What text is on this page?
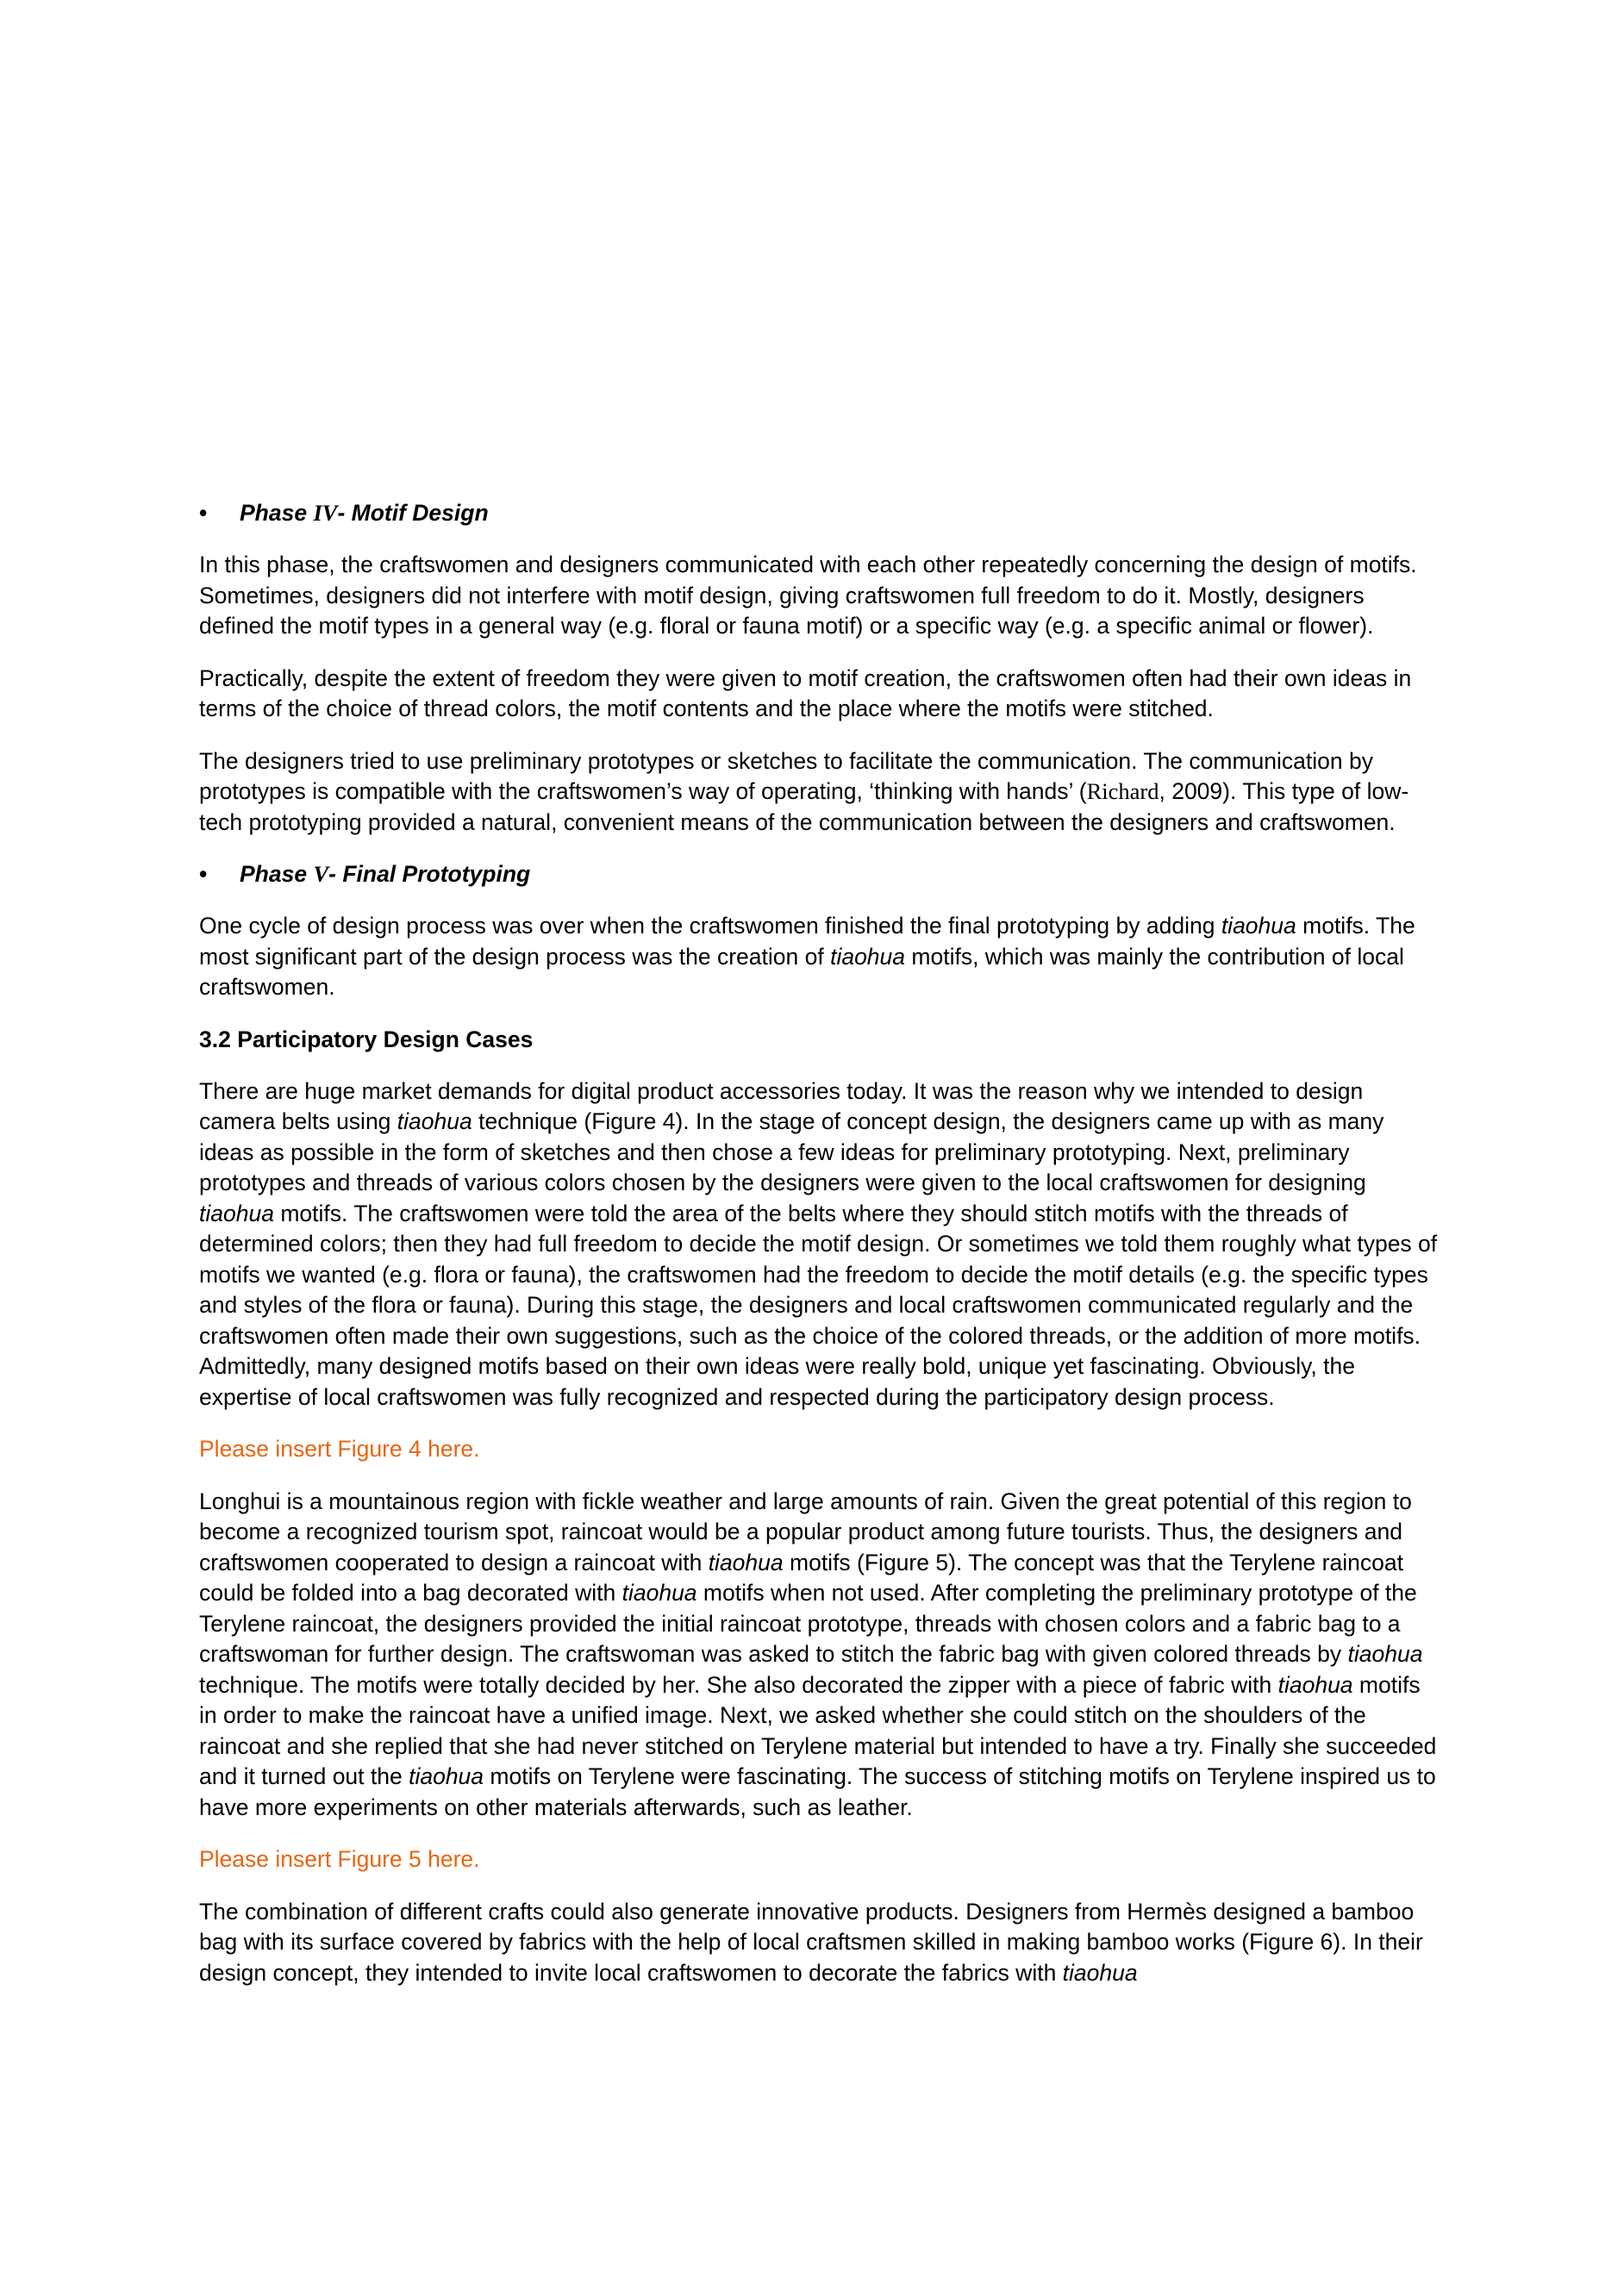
• Phase IV- Motif Design

In this phase, the craftswomen and designers communicated with each other repeatedly concerning the design of motifs. Sometimes, designers did not interfere with motif design, giving craftswomen full freedom to do it. Mostly, designers defined the motif types in a general way (e.g. floral or fauna motif) or a specific way (e.g. a specific animal or flower).

Practically, despite the extent of freedom they were given to motif creation, the craftswomen often had their own ideas in terms of the choice of thread colors, the motif contents and the place where the motifs were stitched.

The designers tried to use preliminary prototypes or sketches to facilitate the communication. The communication by prototypes is compatible with the craftswomen’s way of operating, ‘thinking with hands’ (Richard, 2009). This type of low-tech prototyping provided a natural, convenient means of the communication between the designers and craftswomen.

• Phase V- Final Prototyping

One cycle of design process was over when the craftswomen finished the final prototyping by adding tiaohua motifs. The most significant part of the design process was the creation of tiaohua motifs, which was mainly the contribution of local craftswomen.

3.2 Participatory Design Cases

There are huge market demands for digital product accessories today. It was the reason why we intended to design camera belts using tiaohua technique (Figure 4). In the stage of concept design, the designers came up with as many ideas as possible in the form of sketches and then chose a few ideas for preliminary prototyping. Next, preliminary prototypes and threads of various colors chosen by the designers were given to the local craftswomen for designing tiaohua motifs. The craftswomen were told the area of the belts where they should stitch motifs with the threads of determined colors; then they had full freedom to decide the motif design. Or sometimes we told them roughly what types of motifs we wanted (e.g. flora or fauna), the craftswomen had the freedom to decide the motif details (e.g. the specific types and styles of the flora or fauna). During this stage, the designers and local craftswomen communicated regularly and the craftswomen often made their own suggestions, such as the choice of the colored threads, or the addition of more motifs. Admittedly, many designed motifs based on their own ideas were really bold, unique yet fascinating. Obviously, the expertise of local craftswomen was fully recognized and respected during the participatory design process.

Please insert Figure 4 here.

Longhui is a mountainous region with fickle weather and large amounts of rain. Given the great potential of this region to become a recognized tourism spot, raincoat would be a popular product among future tourists. Thus, the designers and craftswomen cooperated to design a raincoat with tiaohua motifs (Figure 5). The concept was that the Terylene raincoat could be folded into a bag decorated with tiaohua motifs when not used. After completing the preliminary prototype of the Terylene raincoat, the designers provided the initial raincoat prototype, threads with chosen colors and a fabric bag to a craftswoman for further design. The craftswoman was asked to stitch the fabric bag with given colored threads by tiaohua technique. The motifs were totally decided by her. She also decorated the zipper with a piece of fabric with tiaohua motifs in order to make the raincoat have a unified image. Next, we asked whether she could stitch on the shoulders of the raincoat and she replied that she had never stitched on Terylene material but intended to have a try. Finally she succeeded and it turned out the tiaohua motifs on Terylene were fascinating. The success of stitching motifs on Terylene inspired us to have more experiments on other materials afterwards, such as leather.

Please insert Figure 5 here.

The combination of different crafts could also generate innovative products. Designers from Hermès designed a bamboo bag with its surface covered by fabrics with the help of local craftsmen skilled in making bamboo works (Figure 6). In their design concept, they intended to invite local craftswomen to decorate the fabrics with tiaohua
